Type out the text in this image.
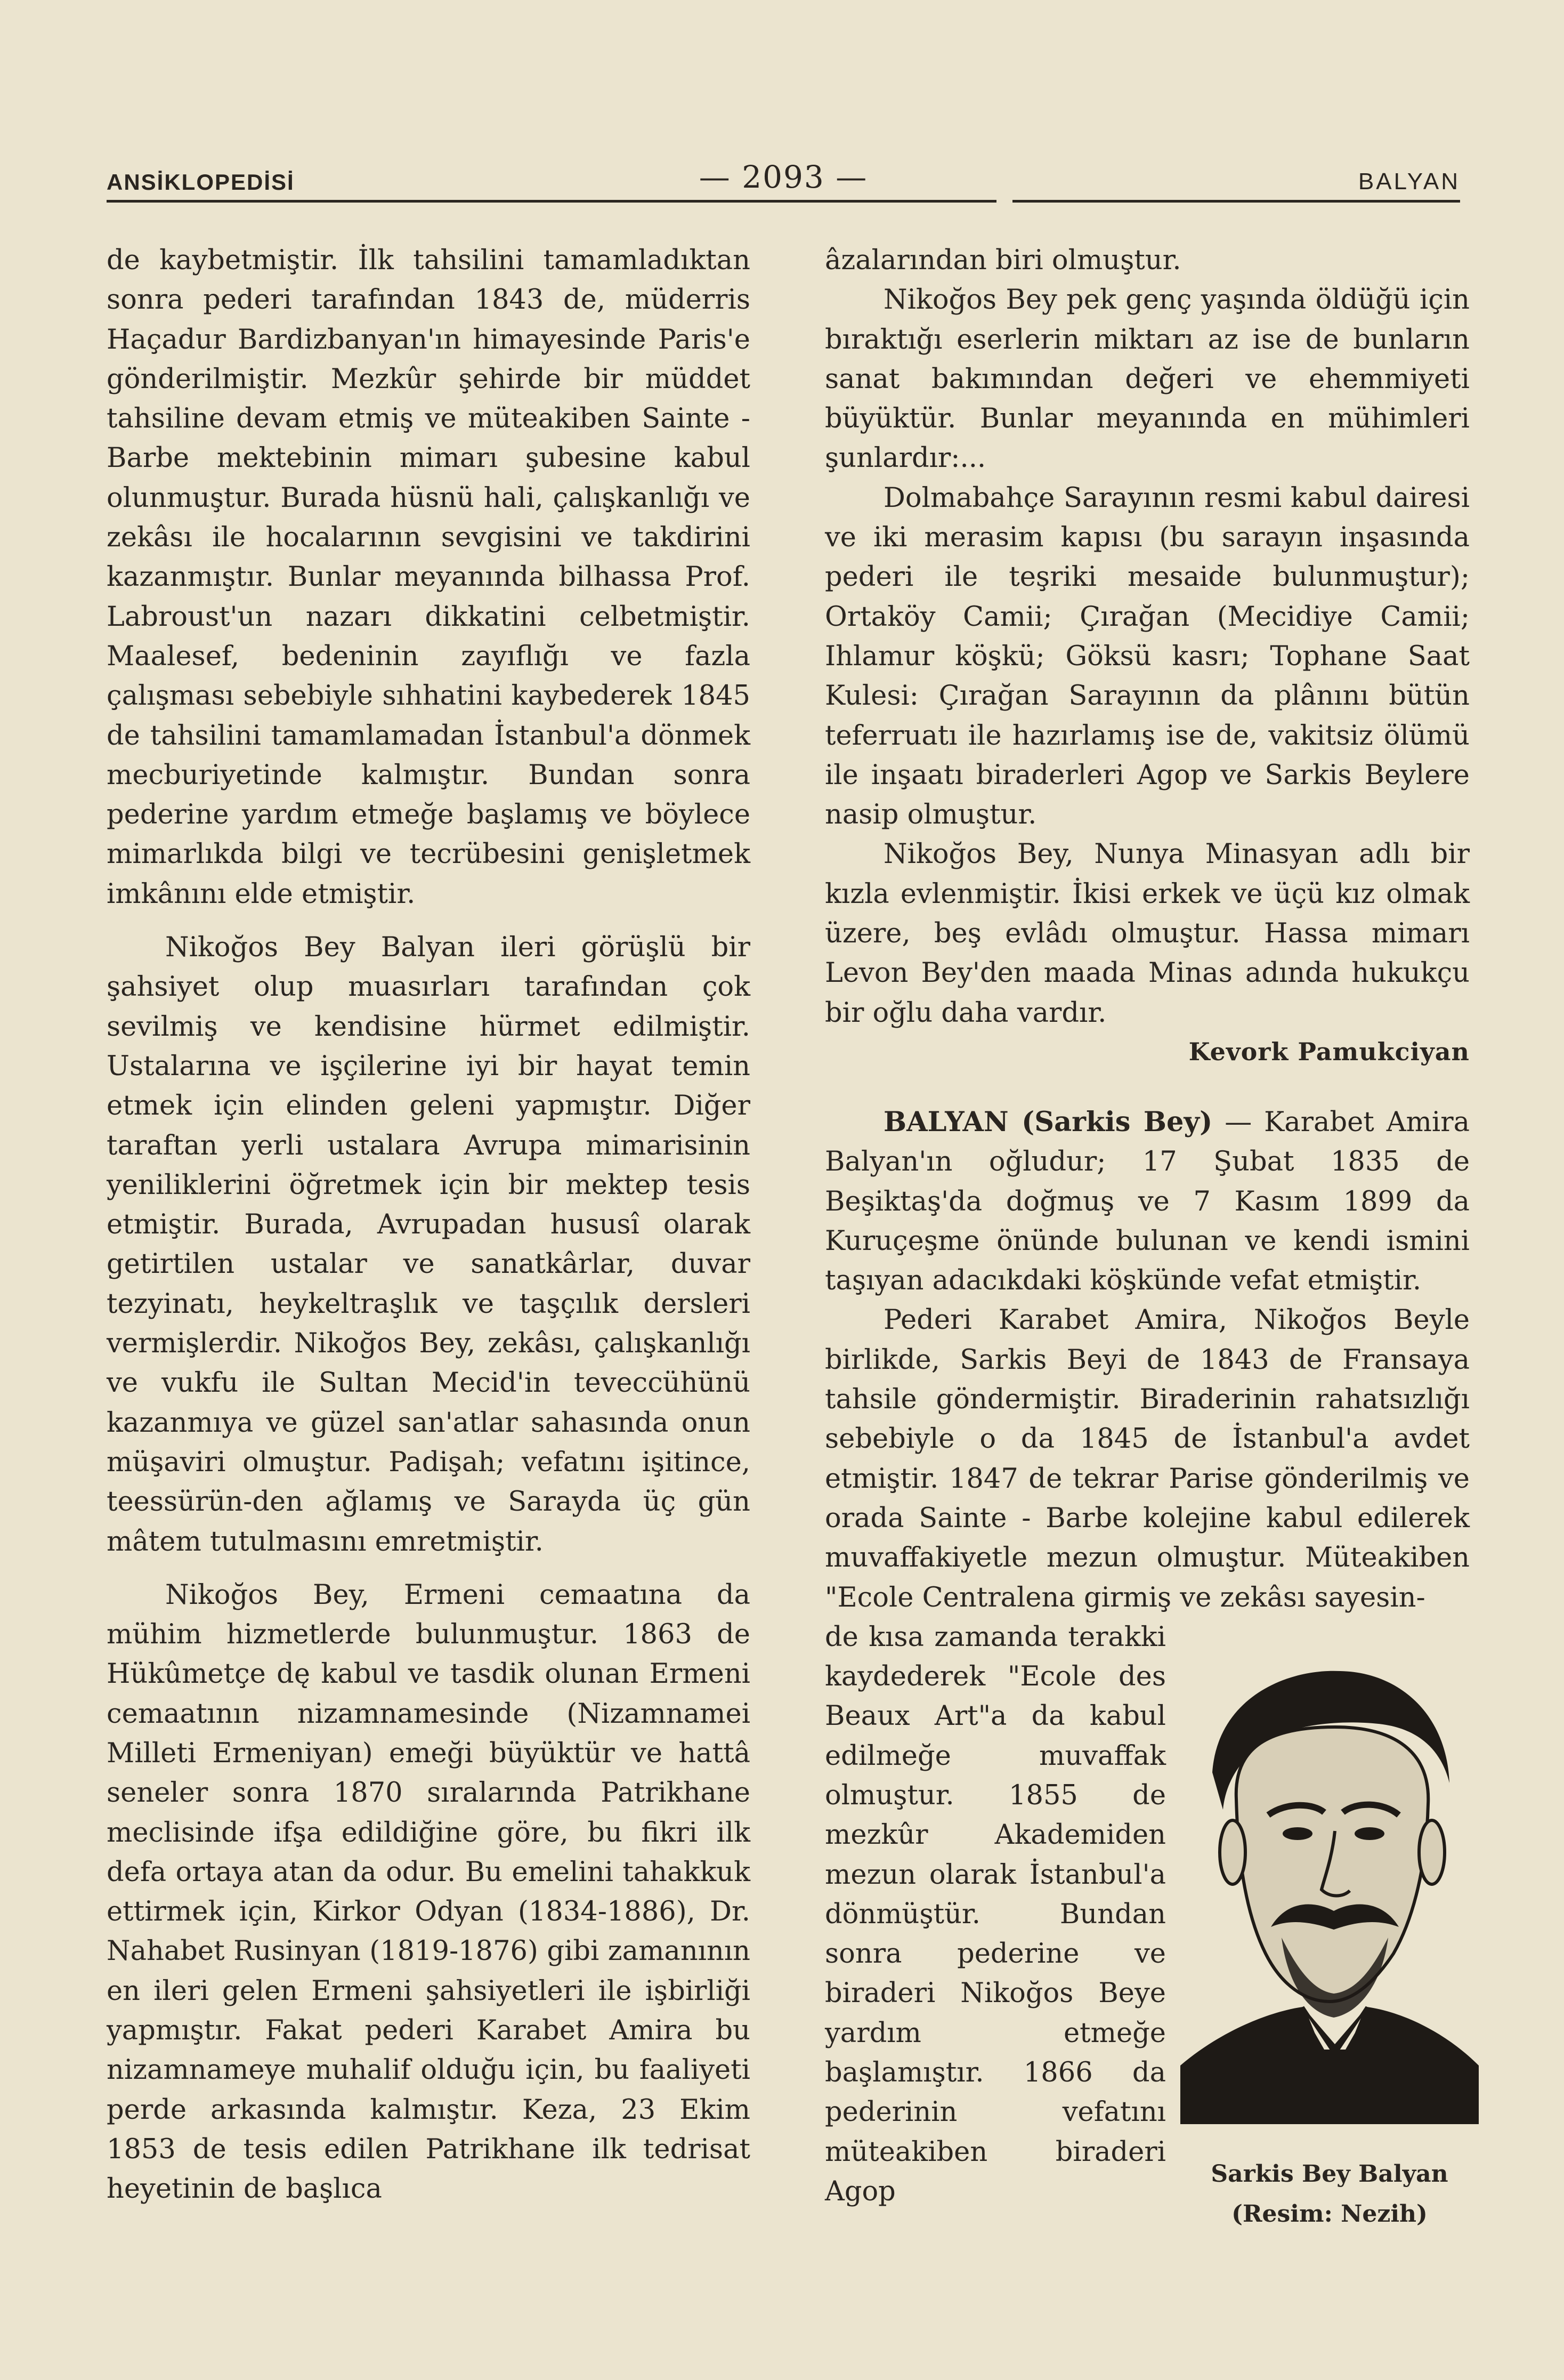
ANSİKLOPEDİSİ	— 2093 —	BALYAN

de kaybetmiştir. İlk tahsilini tamamladıktan sonra pederi tarafından 1843 de, müderris Haçadur Bardizbanyan'ın himayesinde Paris'e gönderilmiştir. Mezkûr şehirde bir müddet tahsiline devam etmiş ve müteakiben Sainte - Barbe mektebinin mimarı şubesine kabul olunmuştur. Burada hüsnü hali, çalışkanlığı ve zekâsı ile hocalarının sevgisini ve takdirini kazanmıştır. Bunlar meyanında bilhassa Prof. Labroust'un nazarı dikkatini celbetmiştir. Maalesef, bedeninin zayıflığı ve fazla çalışması sebebiyle sıhhatini kaybederek 1845 de tahsilini tamamlamadan İstanbul'a dönmek mecburiyetinde kalmıştır. Bundan sonra pederine yardım etmeğe başlamış ve böylece mimarlıkda bilgi ve tecrübesini genişletmek imkânını elde etmiştir.

Nikoğos Bey Balyan ileri görüşlü bir şahsiyet olup muasırları tarafından çok sevilmiş ve kendisine hürmet edilmiştir. Ustalarına ve işçilerine iyi bir hayat temin etmek için elinden geleni yapmıştır. Diğer taraftan yerli ustalara Avrupa mimarisinin yeniliklerini öğretmek için bir mektep tesis etmiştir. Burada, Avrupadan hususî olarak getirtilen ustalar ve sanatkârlar, duvar tezyinatı, heykeltraşlık ve taşçılık dersleri vermişlerdir. Nikoğos Bey, zekâsı, çalışkanlığı ve vukfu ile Sultan Mecid'in teveccühünü kazanmıya ve güzel san'atlar sahasında onun müşaviri olmuştur. Padişah; vefatını işitince, teessürün-den ağlamış ve Sarayda üç gün mâtem tutulmasını emretmiştir.

Nikoğos Bey, Ermeni cemaatına da mühim hizmetlerde bulunmuştur. 1863 de Hükûmetçe dę kabul ve tasdik olunan Ermeni cemaatının nizamnamesinde (Nizamnamei Milleti Ermeniyan) emeği büyüktür ve hattâ seneler sonra 1870 sıralarında Patrikhane meclisinde ifşa edildiğine göre, bu fikri ilk defa ortaya atan da odur. Bu emelini tahakkuk ettirmek için, Kirkor Odyan (1834-1886), Dr. Nahabet Rusinyan (1819-1876) gibi zamanının en ileri gelen Ermeni şahsiyetleri ile işbirliği yapmıştır. Fakat pederi Karabet Amira bu nizamnameye muhalif olduğu için, bu faaliyeti perde arkasında kalmıştır. Keza, 23 Ekim 1853 de tesis edilen Patrikhane ilk tedrisat heyetinin de başlıca

âzalarından biri olmuştur.

Nikoğos Bey pek genç yaşında öldüğü için bıraktığı eserlerin miktarı az ise de bunların sanat bakımından değeri ve ehemmiyeti büyüktür. Bunlar meyanında en mühimleri şunlardır:...

Dolmabahçe Sarayının resmi kabul dairesi ve iki merasim kapısı (bu sarayın inşasında pederi ile teşriki mesaide bulunmuştur); Ortaköy Camii; Çırağan (Mecidiye Camii; Ihlamur köşkü; Göksü kasrı; Tophane Saat Kulesi: Çırağan Sarayının da plânını bütün teferruatı ile hazırlamış ise de, vakitsiz ölümü ile inşaatı biraderleri Agop ve Sarkis Beylere nasip olmuştur.

Nikoğos Bey, Nunya Minasyan adlı bir kızla evlenmiştir. İkisi erkek ve üçü kız olmak üzere, beş evlâdı olmuştur. Hassa mimarı Levon Bey'den maada Minas adında hukukçu bir oğlu daha vardır.

Kevork Pamukciyan

BALYAN (Sarkis Bey) — Karabet Amira Balyan'ın oğludur; 17 Şubat 1835 de Beşiktaş'da doğmuş ve 7 Kasım 1899 da Kuruçeşme önünde bulunan ve kendi ismini taşıyan adacıkdaki köşkünde vefat etmiştir.

Pederi Karabet Amira, Nikoğos Beyle birlikde, Sarkis Beyi de 1843 de Fransaya tahsile göndermiştir. Biraderinin rahatsızlığı sebebiyle o da 1845 de İstanbul'a avdet etmiştir. 1847 de tekrar Parise gönderilmiş ve orada Sainte - Barbe kolejine kabul edilerek muvaffakiyetle mezun olmuştur. Müteakiben "Ecole Centralena girmiş ve zekâsı sayesin-

de kısa zamanda terakki kaydederek "Ecole des Beaux Art"a da kabul edilmeğe muvaffak olmuştur. 1855 de mezkûr Akademiden mezun olarak İstanbul'a dönmüştür. Bundan sonra pederine ve biraderi Nikoğos Beye yardım etmeğe başlamıştır. 1866 da pederinin vefatını müteakiben biraderi Agop

Sarkis Bey Balyan
(Resim: Nezih)
